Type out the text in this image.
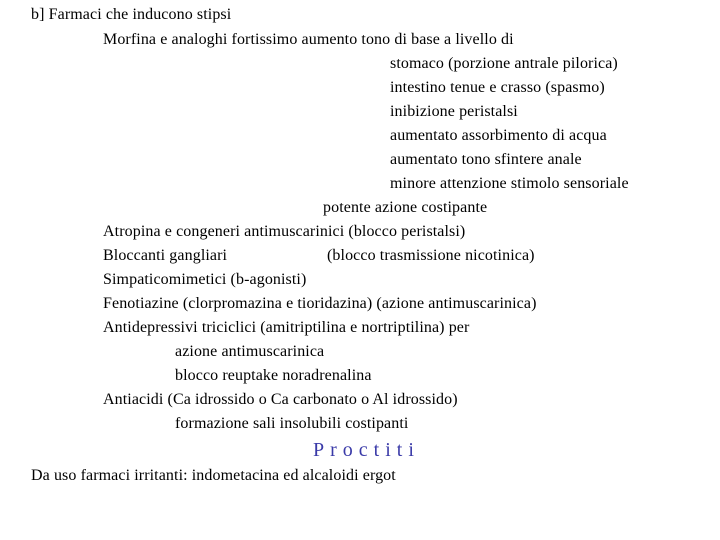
b] Farmaci che inducono stipsi
Morfina e analoghi fortissimo aumento tono di base a livello di
stomaco (porzione antrale pilorica)
intestino tenue e crasso (spasmo)
inibizione peristalsi
aumentato assorbimento di acqua
aumentato tono sfintere anale
minore attenzione stimolo sensoriale
potente azione costipante
Atropina e congeneri antimuscarinici (blocco peristalsi)
Bloccanti gangliari	(blocco trasmissione nicotinica)
Simpaticomimetici (b-agonisti)
Fenotiazine (clorpromazina e tioridazina) (azione antimuscarinica)
Antidepressivi triciclici (amitriptilina e nortriptilina) per
azione antimuscarinica
blocco reuptake noradrenalina
Antiacidi (Ca idrossido o Ca carbonato o Al idrossido)
formazione sali insolubili costipanti
Proctiti
Da uso farmaci irritanti: indometacina ed alcaloidi ergot
